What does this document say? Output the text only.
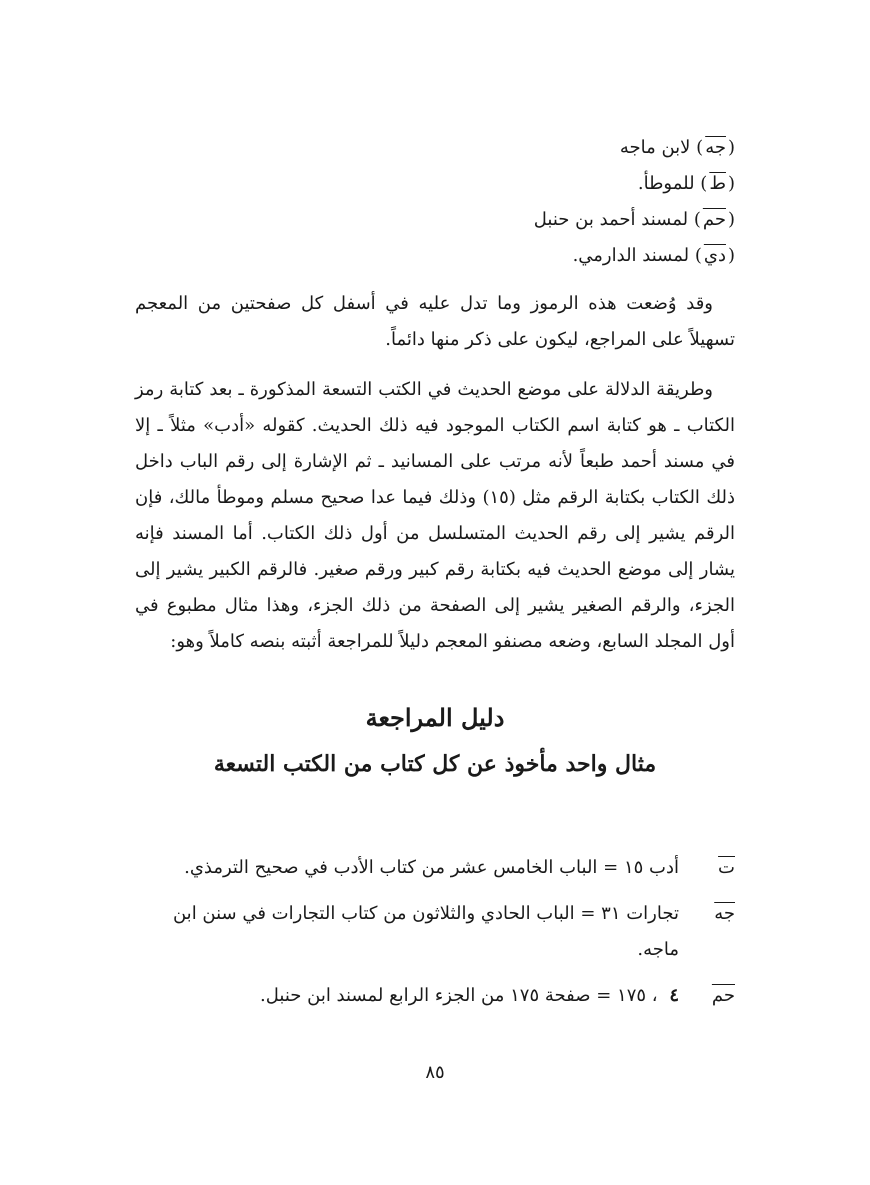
(جه) لابن ماجه
(ط) للموطأ.
(حم) لمسند أحمد بن حنبل
(دي) لمسند الدارمي.

وقد وُضعت هذه الرموز وما تدل عليه في أسفل كل صفحتين من المعجم تسهيلاً على المراجع، ليكون على ذكر منها دائماً.

وطريقة الدلالة على موضع الحديث في الكتب التسعة المذكورة ـ بعد كتابة رمز الكتاب ـ هو كتابة اسم الكتاب الموجود فيه ذلك الحديث. كقوله «أدب» مثلاً ـ إلا في مسند أحمد طبعاً لأنه مرتب على المسانيد ـ ثم الإشارة إلى رقم الباب داخل ذلك الكتاب بكتابة الرقم مثل (١٥) وذلك فيما عدا صحيح مسلم وموطأ مالك، فإن الرقم يشير إلى رقم الحديث المتسلسل من أول ذلك الكتاب. أما المسند فإنه يشار إلى موضع الحديث فيه بكتابة رقم كبير ورقم صغير. فالرقم الكبير يشير إلى الجزء، والرقم الصغير يشير إلى الصفحة من ذلك الجزء، وهذا مثال مطبوع في أول المجلد السابع، وضعه مصنفو المعجم دليلاً للمراجعة أثبته بنصه كاملاً وهو:

دليل المراجعة
مثال واحد مأخوذ عن كل كتاب من الكتب التسعة
ت
أدب ١٥ = الباب الخامس عشر من كتاب الأدب في صحيح الترمذي.
جه
تجارات ٣١ = الباب الحادي والثلاثون من كتاب التجارات في سنن ابن ماجه.
حم
٤ ، ١٧٥ = صفحة ١٧٥ من الجزء الرابع لمسند ابن حنبل.
٨٥
